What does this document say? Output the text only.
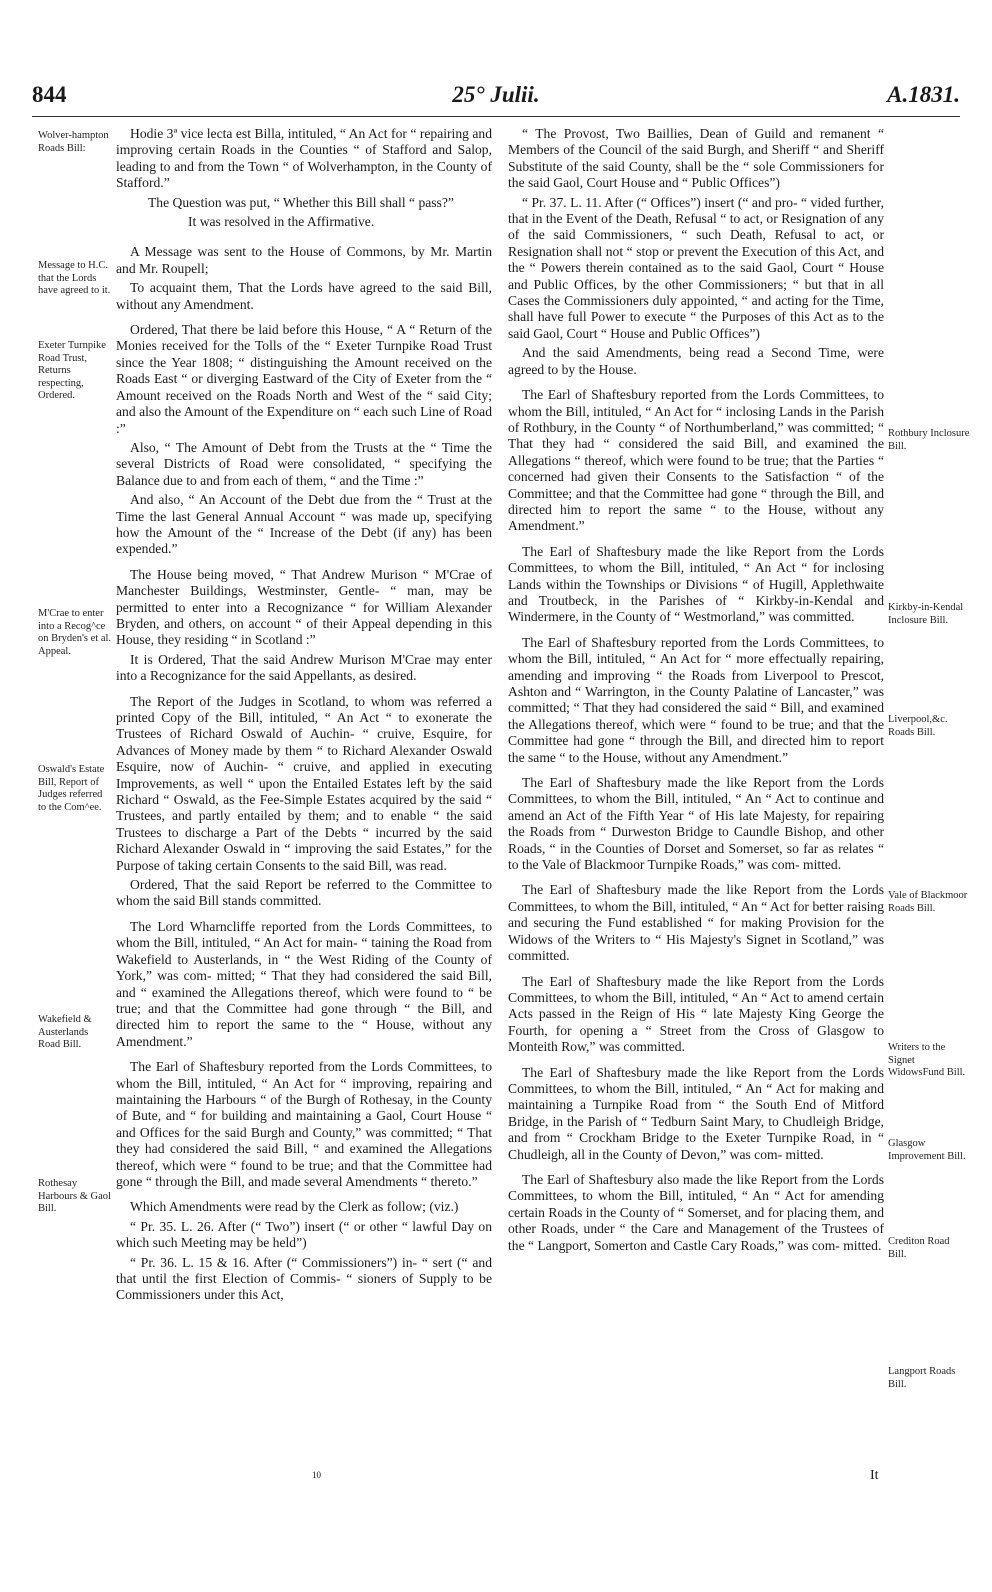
844	25° Julii.	A.1831.
Wolver-hampton Roads Bill:
Message to H.C. that the Lords have agreed to it.
Exeter Turnpike Road Trust, Returns respecting, Ordered.
M'Crae to enter into a Recog^ce on Bryden's et al. Appeal.
Oswald's Estate Bill, Report of Judges referred to the Com^ee.
Wakefield & Austerlands Road Bill.
Rothesay Harbours & Gaol Bill.
Rothbury Inclosure Bill.
Kirkby-in-Kendal Inclosure Bill.
Liverpool,&c. Roads Bill.
Vale of Blackmoor Roads Bill.
Writers to the Signet WidowsFund Bill.
Glasgow Improvement Bill.
Crediton Road Bill.
Langport Roads Bill.

Hodie 3ª vice lecta est Billa, intituled, “ An Act for “ repairing and improving certain Roads in the Counties “ of Stafford and Salop, leading to and from the Town “ of Wolverhampton, in the County of Stafford.”

The Question was put, “ Whether this Bill shall “ pass?”

It was resolved in the Affirmative.

A Message was sent to the House of Commons, by Mr. Martin and Mr. Roupell;

To acquaint them, That the Lords have agreed to the said Bill, without any Amendment.

Ordered, That there be laid before this House, “ A “ Return of the Monies received for the Tolls of the “ Exeter Turnpike Road Trust since the Year 1808; “ distinguishing the Amount received on the Roads East “ or diverging Eastward of the City of Exeter from the “ Amount received on the Roads North and West of the “ said City; and also the Amount of the Expenditure on “ each such Line of Road :”

Also, “ The Amount of Debt from the Trusts at the “ Time the several Districts of Road were consolidated, “ specifying the Balance due to and from each of them, “ and the Time :”

And also, “ An Account of the Debt due from the “ Trust at the Time the last General Annual Account “ was made up, specifying how the Amount of the “ Increase of the Debt (if any) has been expended.”

The House being moved, “ That Andrew Murison “ M'Crae of Manchester Buildings, Westminster, Gentle- “ man, may be permitted to enter into a Recognizance “ for William Alexander Bryden, and others, on account “ of their Appeal depending in this House, they residing “ in Scotland :”

It is Ordered, That the said Andrew Murison M'Crae may enter into a Recognizance for the said Appellants, as desired.

The Report of the Judges in Scotland, to whom was referred a printed Copy of the Bill, intituled, “ An Act “ to exonerate the Trustees of Richard Oswald of Auchin- “ cruive, Esquire, for Advances of Money made by them “ to Richard Alexander Oswald Esquire, now of Auchin- “ cruive, and applied in executing Improvements, as well “ upon the Entailed Estates left by the said Richard “ Oswald, as the Fee-Simple Estates acquired by the said “ Trustees, and partly entailed by them; and to enable “ the said Trustees to discharge a Part of the Debts “ incurred by the said Richard Alexander Oswald in “ improving the said Estates,” for the Purpose of taking certain Consents to the said Bill, was read.

Ordered, That the said Report be referred to the Committee to whom the said Bill stands committed.

The Lord Wharncliffe reported from the Lords Committees, to whom the Bill, intituled, “ An Act for main- “ taining the Road from Wakefield to Austerlands, in “ the West Riding of the County of York,” was com- mitted; “ That they had considered the said Bill, and “ examined the Allegations thereof, which were found to “ be true; and that the Committee had gone through “ the Bill, and directed him to report the same to the “ House, without any Amendment.”

The Earl of Shaftesbury reported from the Lords Committees, to whom the Bill, intituled, “ An Act for “ improving, repairing and maintaining the Harbours “ of the Burgh of Rothesay, in the County of Bute, and “ for building and maintaining a Gaol, Court House “ and Offices for the said Burgh and County,” was committed; “ That they had considered the said Bill, “ and examined the Allegations thereof, which were “ found to be true; and that the Committee had gone “ through the Bill, and made several Amendments “ thereto.”

Which Amendments were read by the Clerk as follow; (viz.)

“ Pr. 35. L. 26. After (“ Two”) insert (“ or other “ lawful Day on which such Meeting may be held”)

“ Pr. 36. L. 15 & 16. After (“ Commissioners”) in- “ sert (“ and that until the first Election of Commis- “ sioners of Supply to be Commissioners under this Act,

“ The Provost, Two Baillies, Dean of Guild and remanent “ Members of the Council of the said Burgh, and Sheriff “ and Sheriff Substitute of the said County, shall be the “ sole Commissioners for the said Gaol, Court House and “ Public Offices”)

“ Pr. 37. L. 11. After (“ Offices”) insert (“ and pro- “ vided further, that in the Event of the Death, Refusal “ to act, or Resignation of any of the said Commissioners, “ such Death, Refusal to act, or Resignation shall not “ stop or prevent the Execution of this Act, and the “ Powers therein contained as to the said Gaol, Court “ House and Public Offices, by the other Commissioners; “ but that in all Cases the Commissioners duly appointed, “ and acting for the Time, shall have full Power to execute “ the Purposes of this Act as to the said Gaol, Court “ House and Public Offices”)

And the said Amendments, being read a Second Time, were agreed to by the House.

The Earl of Shaftesbury reported from the Lords Committees, to whom the Bill, intituled, “ An Act for “ inclosing Lands in the Parish of Rothbury, in the County “ of Northumberland,” was committed; “ That they had “ considered the said Bill, and examined the Allegations “ thereof, which were found to be true; that the Parties “ concerned had given their Consents to the Satisfaction “ of the Committee; and that the Committee had gone “ through the Bill, and directed him to report the same “ to the House, without any Amendment.”

The Earl of Shaftesbury made the like Report from the Lords Committees, to whom the Bill, intituled, “ An Act “ for inclosing Lands within the Townships or Divisions “ of Hugill, Applethwaite and Troutbeck, in the Parishes of “ Kirkby-in-Kendal and Windermere, in the County of “ Westmorland,” was committed.

The Earl of Shaftesbury reported from the Lords Committees, to whom the Bill, intituled, “ An Act for “ more effectually repairing, amending and improving “ the Roads from Liverpool to Prescot, Ashton and “ Warrington, in the County Palatine of Lancaster,” was committed; “ That they had considered the said “ Bill, and examined the Allegations thereof, which were “ found to be true; and that the Committee had gone “ through the Bill, and directed him to report the same “ to the House, without any Amendment.”

The Earl of Shaftesbury made the like Report from the Lords Committees, to whom the Bill, intituled, “ An “ Act to continue and amend an Act of the Fifth Year “ of His late Majesty, for repairing the Roads from “ Durweston Bridge to Caundle Bishop, and other Roads, “ in the Counties of Dorset and Somerset, so far as relates “ to the Vale of Blackmoor Turnpike Roads,” was com- mitted.

The Earl of Shaftesbury made the like Report from the Lords Committees, to whom the Bill, intituled, “ An “ Act for better raising and securing the Fund established “ for making Provision for the Widows of the Writers to “ His Majesty's Signet in Scotland,” was committed.

The Earl of Shaftesbury made the like Report from the Lords Committees, to whom the Bill, intituled, “ An “ Act to amend certain Acts passed in the Reign of His “ late Majesty King George the Fourth, for opening a “ Street from the Cross of Glasgow to Monteith Row,” was committed.

The Earl of Shaftesbury made the like Report from the Lords Committees, to whom the Bill, intituled, “ An “ Act for making and maintaining a Turnpike Road from “ the South End of Mitford Bridge, in the Parish of “ Tedburn Saint Mary, to Chudleigh Bridge, and from “ Crockham Bridge to the Exeter Turnpike Road, in “ Chudleigh, all in the County of Devon,” was com- mitted.

The Earl of Shaftesbury also made the like Report from the Lords Committees, to whom the Bill, intituled, “ An “ Act for amending certain Roads in the County of “ Somerset, and for placing them, and other Roads, under “ the Care and Management of the Trustees of the “ Langport, Somerton and Castle Cary Roads,” was com- mitted.

10	It
